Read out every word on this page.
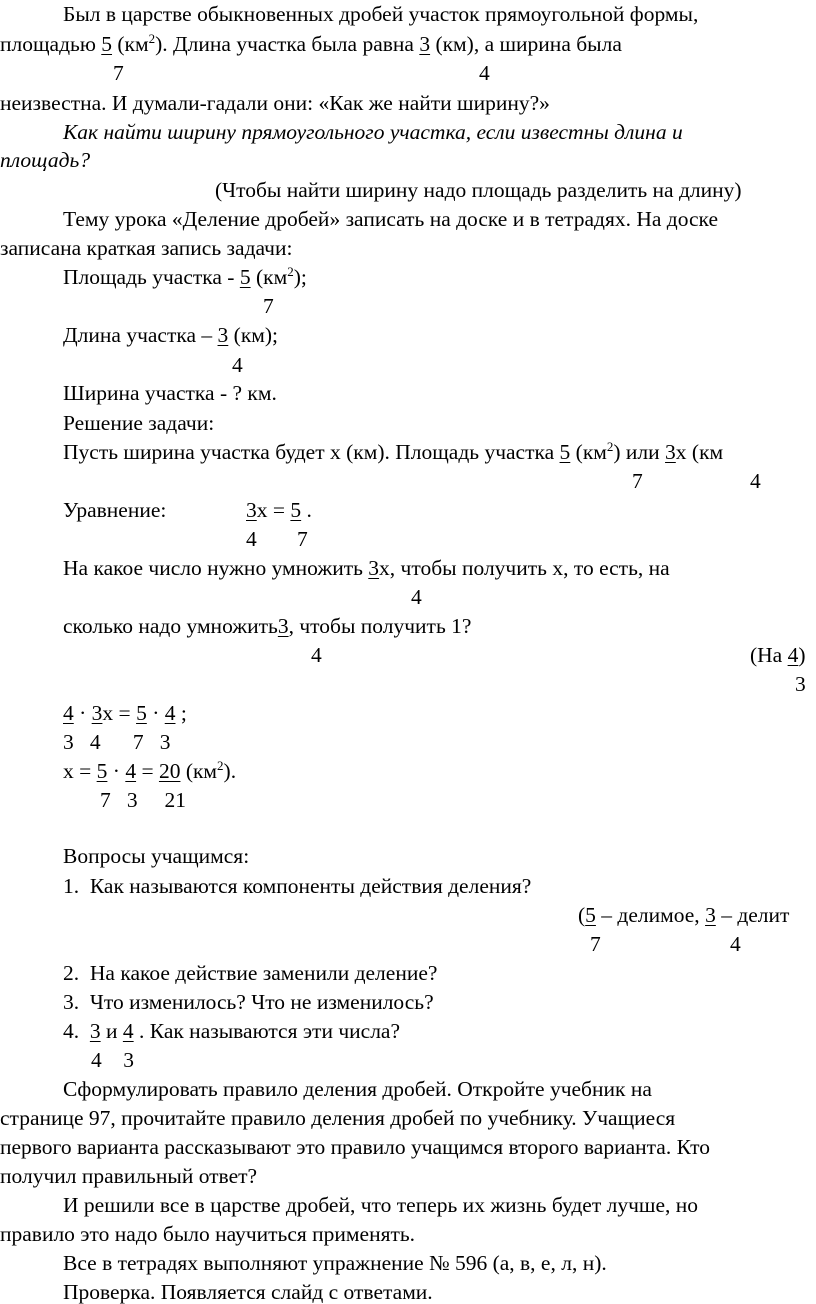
Был в царстве обыкновенных дробей участок прямоугольной формы,
площадью 5 $(км^2)$. Длина участка была равна 3 (км), а ширина была
7	4
неизвестна. И думали-гадали они: «Как же найти ширину?»
Как найти ширину прямоугольного участка, если известны длина и
площадь?
(Чтобы найти ширину надо площадь разделить на длину)
Тему урока «Деление дробей» записать на доске и в тетрадях. На доске
записана краткая запись задачи:
Площадь участка - 5 $(км^2)$;
7
Длина участка – 3 (км);
4
Ширина участка - ? км.
Решение задачи:
Пусть ширина участка будет х (км). Площадь участка 5 $(км^2)$ или 3х (км
7	4
Уравнение:	3х = 5 .
4 7
На какое число нужно умножить 3х, чтобы получить х, то есть, на
4
сколько надо умножить3, чтобы получить 1?
4	(На 4)
3
4 · 3х = 5 · 4 ;
3   4      7   3
х = 5 · 4 = 20 $(км^2)$.
7   3     21
Вопросы учащимся:
1.  Как называются компоненты действия деления?
(5 – делимое, 3 – делит
7	4
2.  На какое действие заменили деление?
3.  Что изменилось? Что не изменилось?
4.  3 и 4 . Как называются эти числа?
4    3
Сформулировать правило деления дробей. Откройте учебник на
странице 97, прочитайте правило деления дробей по учебнику. Учащиеся
первого варианта рассказывают это правило учащимся второго варианта. Кто
получил правильный ответ?
И решили все в царстве дробей, что теперь их жизнь будет лучше, но
правило это надо было научиться применять.
Все в тетрадях выполняют упражнение № 596 (а, в, е, л, н).
Проверка. Появляется слайд с ответами.
